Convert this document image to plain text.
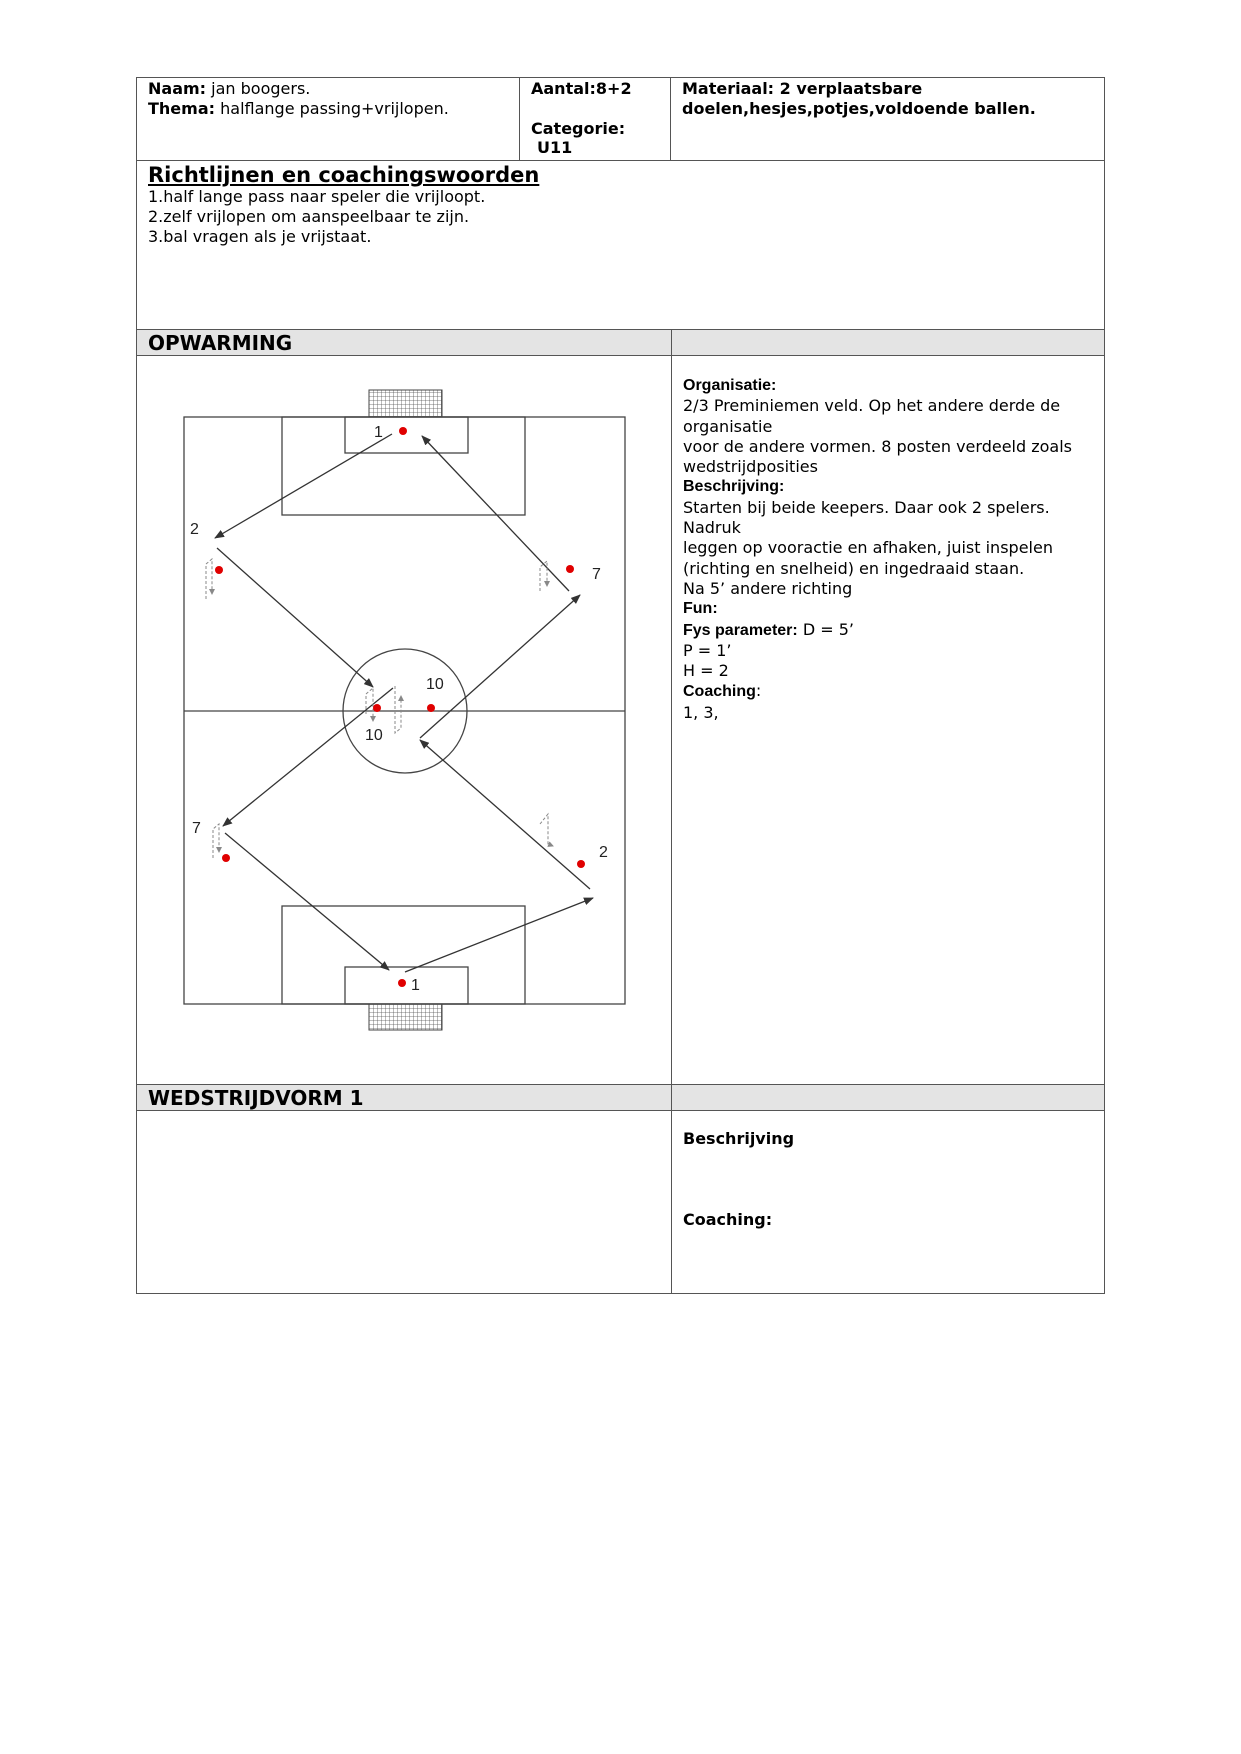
Naam: jan boogers.
Thema: halflange passing+vrijlopen.
Aantal:8+2
Categorie:
U11
Materiaal: 2 verplaatsbare
doelen,hesjes,potjes,voldoende ballen.
Richtlijnen en coachingswoorden
1.half lange pass naar speler die vrijloopt.
2.zelf vrijlopen om aanspeelbaar te zijn.
3.bal vragen als je vrijstaat.
OPWARMING
1
2
7
10
10
7
2
1
Organisatie:
2/3 Preminiemen veld. Op het andere derde de
organisatie
voor de andere vormen. 8 posten verdeeld zoals
wedstrijdposities
Beschrijving:
Starten bij beide keepers. Daar ook 2 spelers.
Nadruk
leggen op vooractie en afhaken, juist inspelen
(richting en snelheid) en ingedraaid staan.
Na 5’ andere richting
Fun:
Fys parameter: D = 5’
P = 1’
H = 2
Coaching:
1, 3,
WEDSTRIJDVORM 1
Beschrijving
Coaching:
